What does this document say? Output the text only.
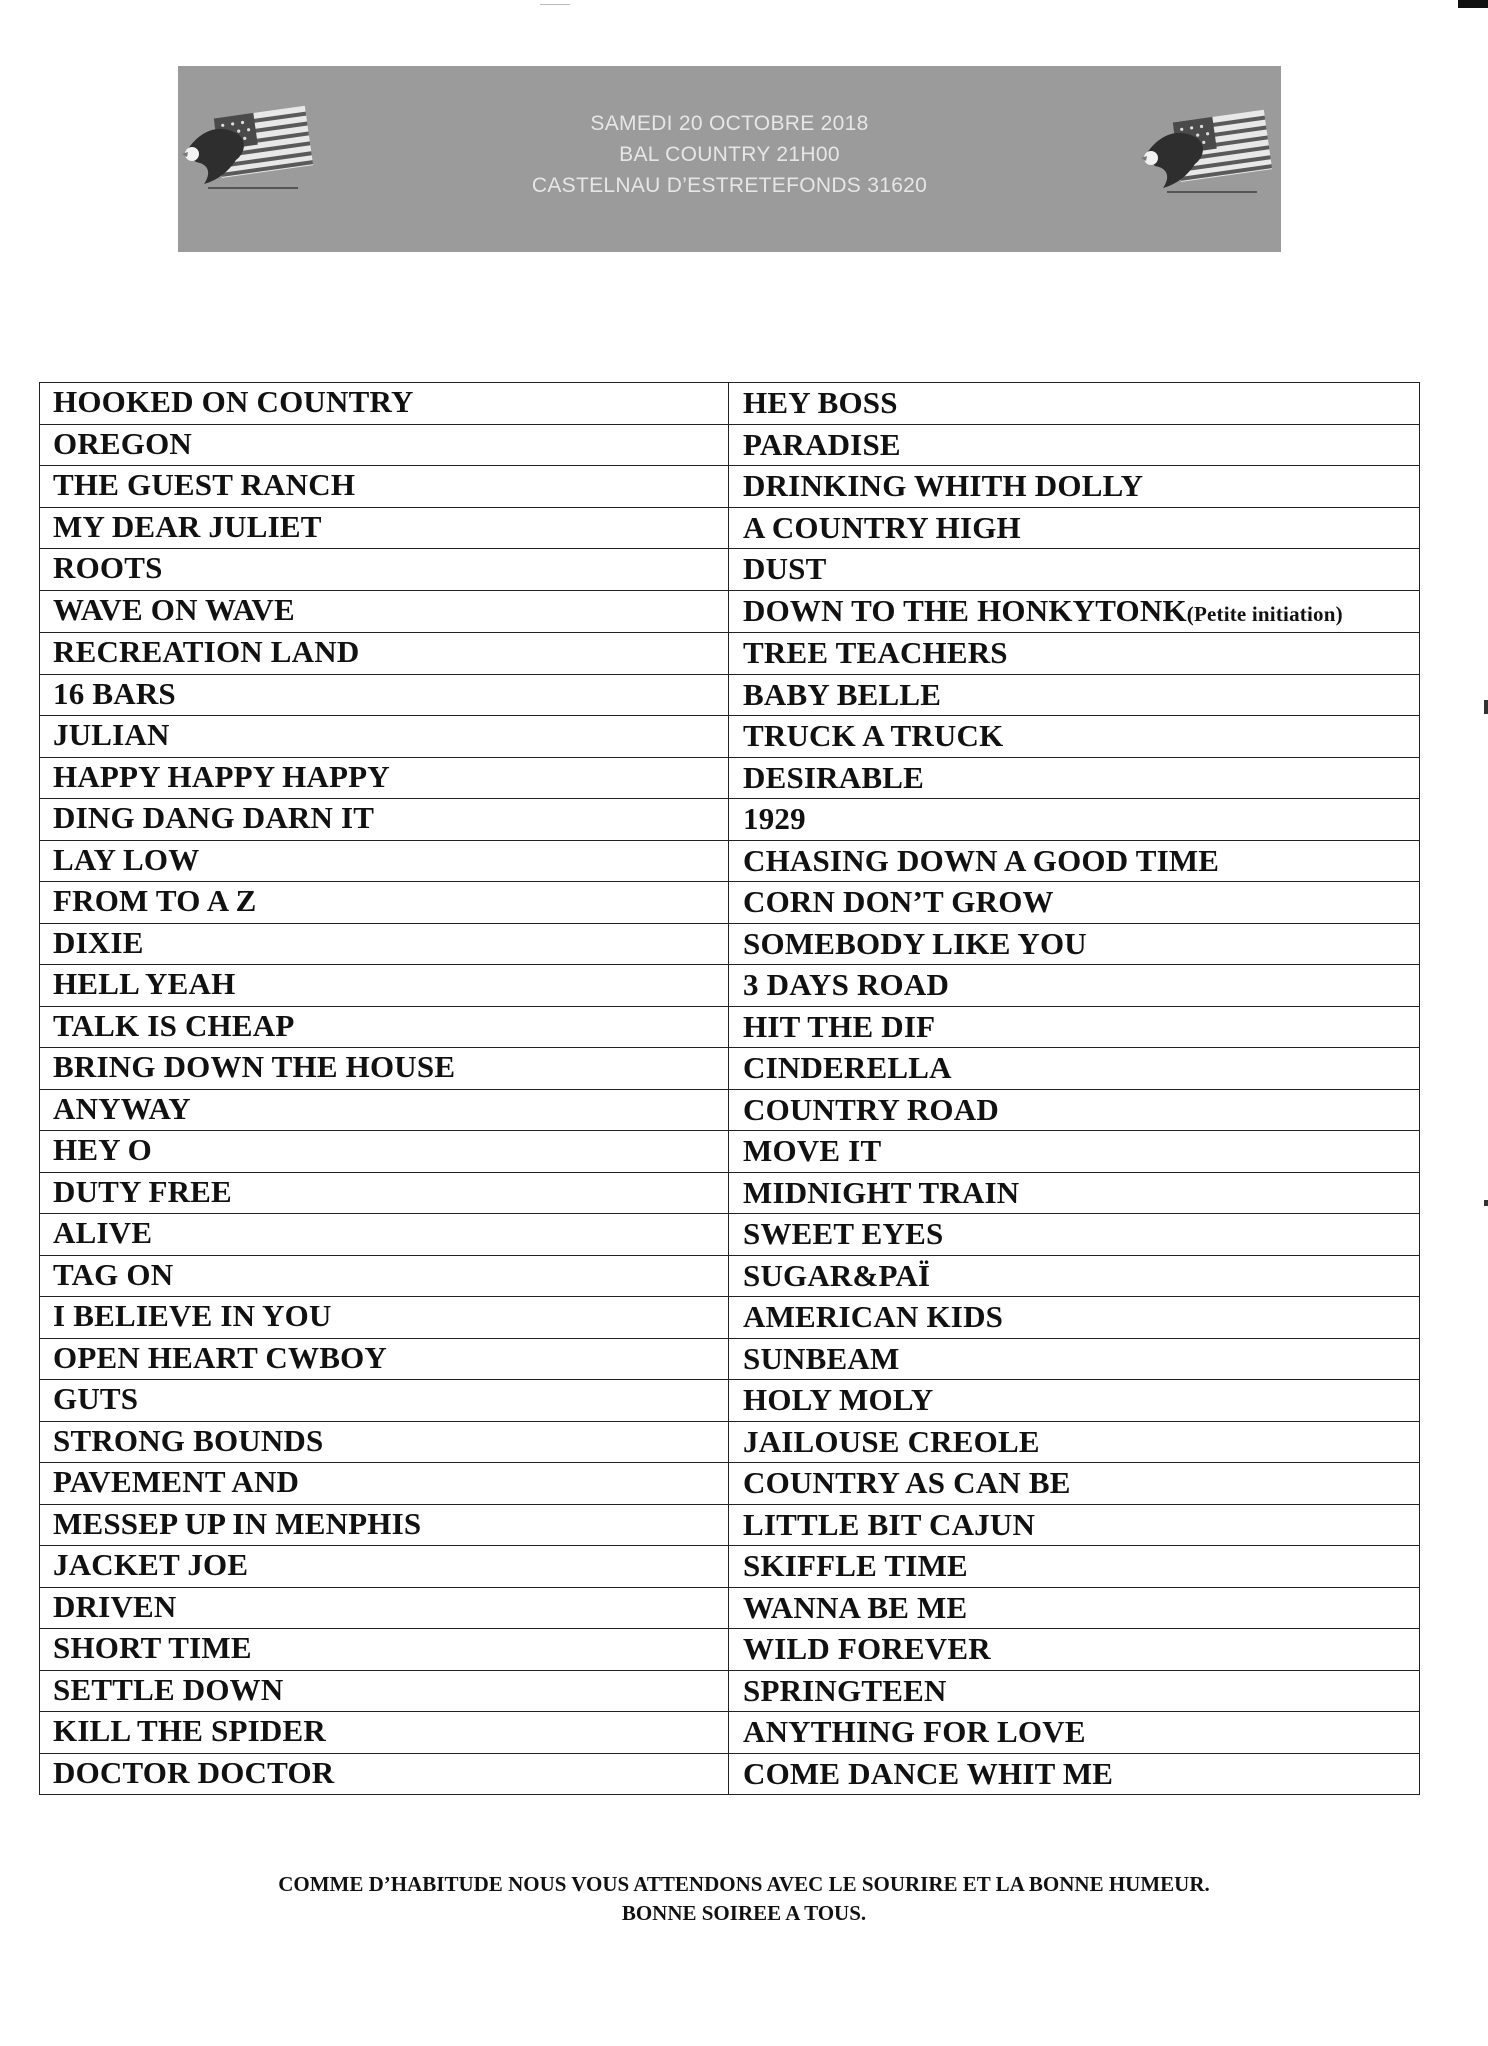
SAMEDI 20 OCTOBRE 2018
BAL COUNTRY 21H00
CASTELNAU D’ESTRETEFONDS 31620
HOOKED ON COUNTRY	HEY BOSS
OREGON	PARADISE
THE GUEST RANCH	DRINKING WHITH DOLLY
MY DEAR JULIET	A COUNTRY HIGH
ROOTS	DUST
WAVE ON WAVE	DOWN TO THE HONKYTONK(Petite initiation)
RECREATION LAND	TREE TEACHERS
16 BARS	BABY BELLE
JULIAN	TRUCK A TRUCK
HAPPY HAPPY HAPPY	DESIRABLE
DING DANG DARN IT	1929
LAY LOW	CHASING DOWN A GOOD TIME
FROM TO A Z	CORN DON’T GROW
DIXIE	SOMEBODY LIKE YOU
HELL YEAH	3 DAYS ROAD
TALK IS CHEAP	HIT THE DIF
BRING DOWN THE HOUSE	CINDERELLA
ANYWAY	COUNTRY ROAD
HEY O	MOVE IT
DUTY FREE	MIDNIGHT TRAIN
ALIVE	SWEET EYES
TAG ON	SUGAR&PAÏ
I BELIEVE IN YOU	AMERICAN KIDS
OPEN HEART CWBOY	SUNBEAM
GUTS	HOLY MOLY
STRONG BOUNDS	JAILOUSE CREOLE
PAVEMENT AND	COUNTRY AS CAN BE
MESSEP UP IN MENPHIS	LITTLE BIT CAJUN
JACKET JOE	SKIFFLE TIME
DRIVEN	WANNA BE ME
SHORT TIME	WILD FOREVER
SETTLE DOWN	SPRINGTEEN
KILL THE SPIDER	ANYTHING FOR LOVE
DOCTOR DOCTOR	COME DANCE WHIT ME
COMME D’HABITUDE NOUS VOUS ATTENDONS AVEC LE SOURIRE ET LA BONNE HUMEUR.
BONNE SOIREE A TOUS.
